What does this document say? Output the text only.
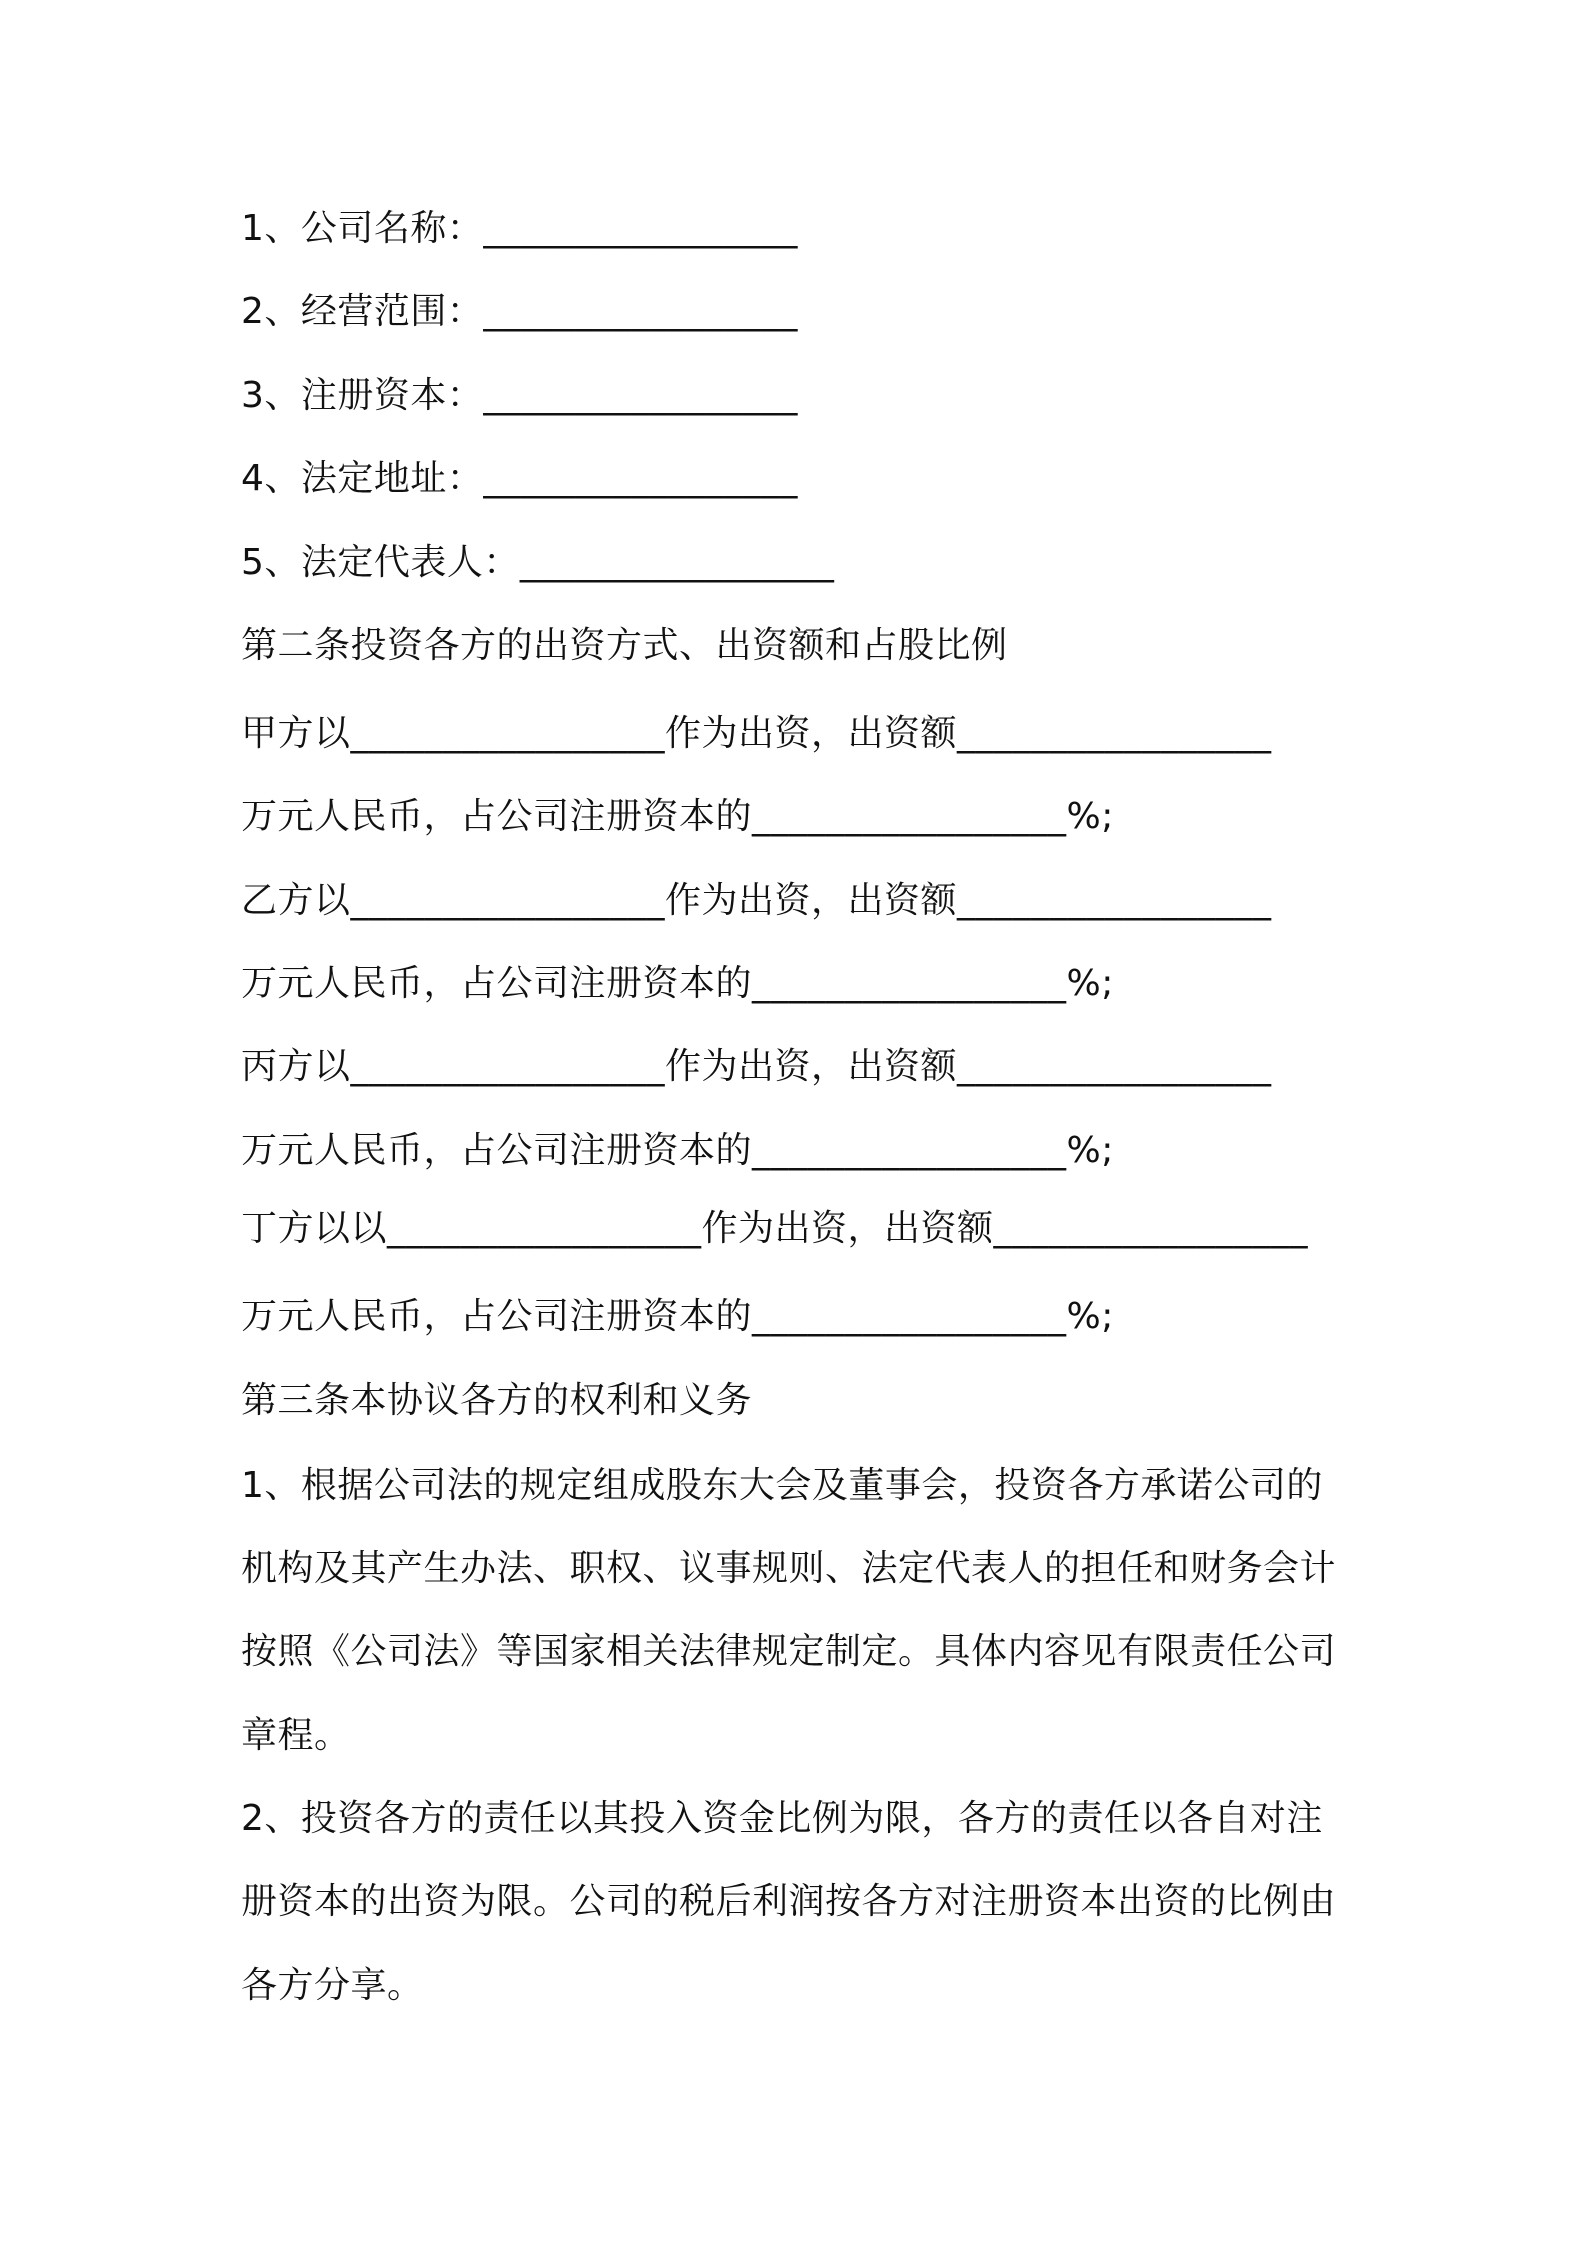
1、公司名称：_________________
2、经营范围：_________________
3、注册资本：_________________
4、法定地址：_________________
5、法定代表人：_________________
第二条投资各方的出资方式、出资额和占股比例
甲方以_________________作为出资，出资额_________________
万元人民币，占公司注册资本的_________________%;
乙方以_________________作为出资，出资额_________________
万元人民币，占公司注册资本的_________________%;
丙方以_________________作为出资，出资额_________________
万元人民币，占公司注册资本的_________________%;
丁方以以_________________作为出资，出资额_________________
万元人民币，占公司注册资本的_________________%;
第三条本协议各方的权利和义务
1、根据公司法的规定组成股东大会及董事会，投资各方承诺公司的
机构及其产生办法、职权、议事规则、法定代表人的担任和财务会计
按照《公司法》等国家相关法律规定制定。具体内容见有限责任公司
章程。
2、投资各方的责任以其投入资金比例为限，各方的责任以各自对注
册资本的出资为限。公司的税后利润按各方对注册资本出资的比例由
各方分享。
